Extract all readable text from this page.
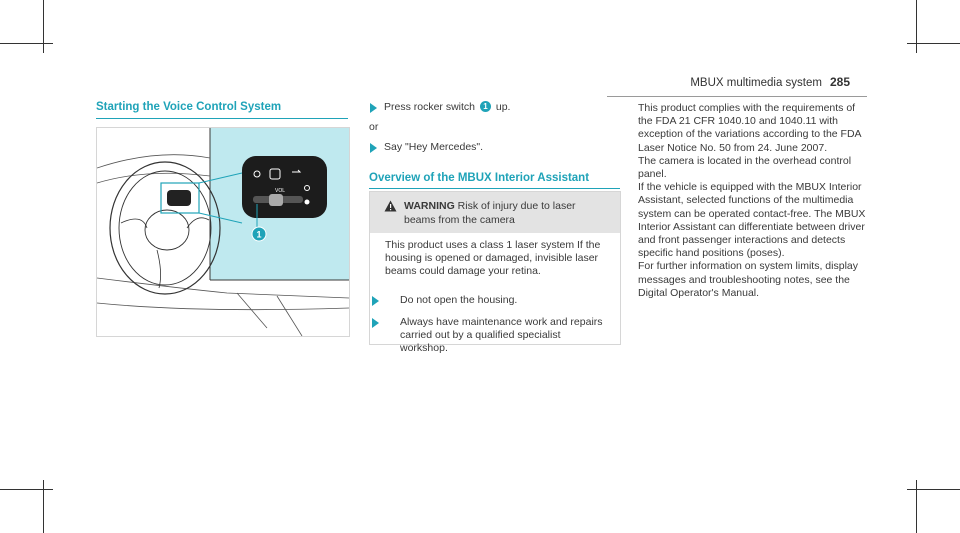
MBUX multimedia system 285
Starting the Voice Control System
VOL
1
Press rocker switch 1 up.
or
Say "Hey Mercedes".
Overview of the MBUX Interior Assistant
WARNING Risk of injury due to laser beams from the camera
This product uses a class 1 laser system If the housing is opened or damaged, invisible laser beams could damage your retina.
Do not open the housing.
Always have maintenance work and repairs carried out by a qualified specialist workshop.

This product complies with the requirements of the FDA 21 CFR 1040.10 and 1040.11 with exception of the variations according to the FDA Laser Notice No. 50 from 24. June 2007.

The camera is located in the overhead control panel.

If the vehicle is equipped with the MBUX Interior Assistant, selected functions of the multimedia system can be operated contact-free. The MBUX Interior Assistant can differentiate between driver and front passenger interactions and detects specific hand positions (poses).

For further information on system limits, display messages and troubleshooting notes, see the Digital Operator's Manual.
